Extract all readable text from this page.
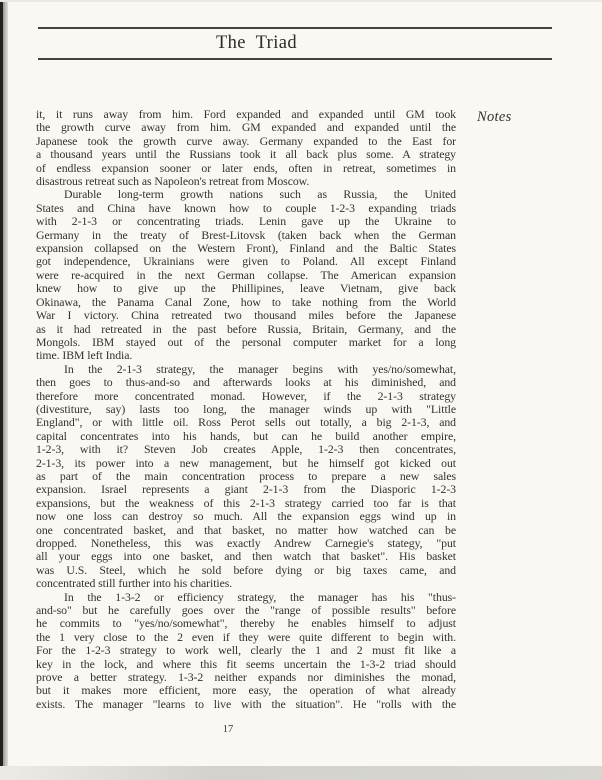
The Triad
Notes
it, it runs away from him. Ford expanded and expanded until GM took
the growth curve away from him. GM expanded and expanded until the
Japanese took the growth curve away. Germany expanded to the East for
a thousand years until the Russians took it all back plus some. A strategy
of endless expansion sooner or later ends, often in retreat, sometimes in
disastrous retreat such as Napoleon's retreat from Moscow.
Durable long-term growth nations such as Russia, the United
States and China have known how to couple 1-2-3 expanding triads
with 2-1-3 or concentrating triads. Lenin gave up the Ukraine to
Germany in the treaty of Brest-Litovsk (taken back when the German
expansion collapsed on the Western Front), Finland and the Baltic States
got independence, Ukrainians were given to Poland. All except Finland
were re-acquired in the next German collapse. The American expansion
knew how to give up the Phillipines, leave Vietnam, give back
Okinawa, the Panama Canal Zone, how to take nothing from the World
War I victory. China retreated two thousand miles before the Japanese
as it had retreated in the past before Russia, Britain, Germany, and the
Mongols. IBM stayed out of the personal computer market for a long
time. IBM left India.
In the 2-1-3 strategy, the manager begins with yes/no/somewhat,
then goes to thus-and-so and afterwards looks at his diminished, and
therefore more concentrated monad. However, if the 2-1-3 strategy
(divestiture, say) lasts too long, the manager winds up with "Little
England", or with little oil. Ross Perot sells out totally, a big 2-1-3, and
capital concentrates into his hands, but can he build another empire,
1-2-3, with it? Steven Job creates Apple, 1-2-3 then concentrates,
2-1-3, its power into a new management, but he himself got kicked out
as part of the main concentration process to prepare a new sales
expansion. Israel represents a giant 2-1-3 from the Diasporic 1-2-3
expansions, but the weakness of this 2-1-3 strategy carried too far is that
now one loss can destroy so much. All the expansion eggs wind up in
one concentrated basket, and that basket, no matter how watched can be
dropped. Nonetheless, this was exactly Andrew Carnegie's stategy, "put
all your eggs into one basket, and then watch that basket". His basket
was U.S. Steel, which he sold before dying or big taxes came, and
concentrated still further into his charities.
In the 1-3-2 or efficiency strategy, the manager has his "thus-
and-so" but he carefully goes over the "range of possible results" before
he commits to "yes/no/somewhat", thereby he enables himself to adjust
the 1 very close to the 2 even if they were quite different to begin with.
For the 1-2-3 strategy to work well, clearly the 1 and 2 must fit like a
key in the lock, and where this fit seems uncertain the 1-3-2 triad should
prove a better strategy. 1-3-2 neither expands nor diminishes the monad,
but it makes more efficient, more easy, the operation of what already
exists. The manager "learns to live with the situation". He "rolls with the
17
